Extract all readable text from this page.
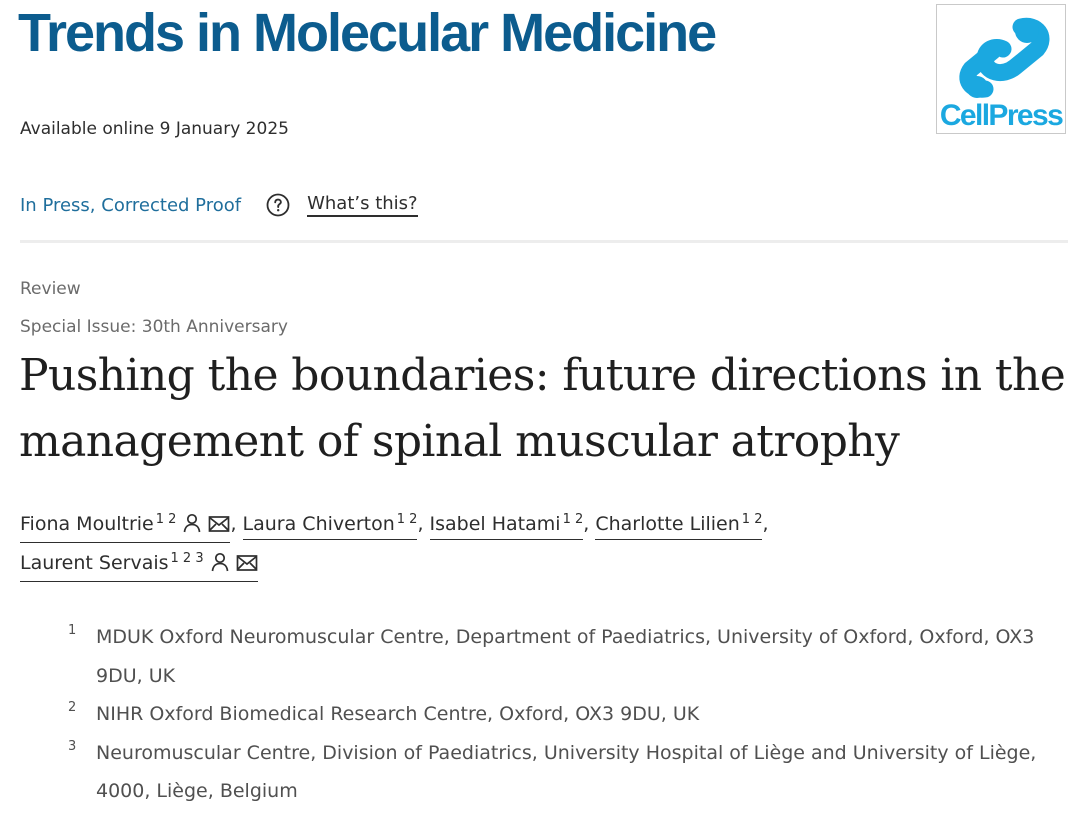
Trends in Molecular Medicine
CellPress
Available online 9 January 2025
In Press, Corrected Proof	What’s this?
Review
Special Issue: 30th Anniversary
Pushing the boundaries: future directions in the management of spinal muscular atrophy
Fiona Moultrie $^{1 2}$	, Laura Chiverton $^{1 2}$, Isabel Hatami $^{1 2}$, Charlotte Lilien $^{1 2}$,
Laurent Servais $^{1 2 3}$
1	MDUK Oxford Neuromuscular Centre, Department of Paediatrics, University of Oxford, Oxford, OX3 9DU, UK
2	NIHR Oxford Biomedical Research Centre, Oxford, OX3 9DU, UK
3	Neuromuscular Centre, Division of Paediatrics, University Hospital of Liège and University of Liège, 4000, Liège, Belgium
